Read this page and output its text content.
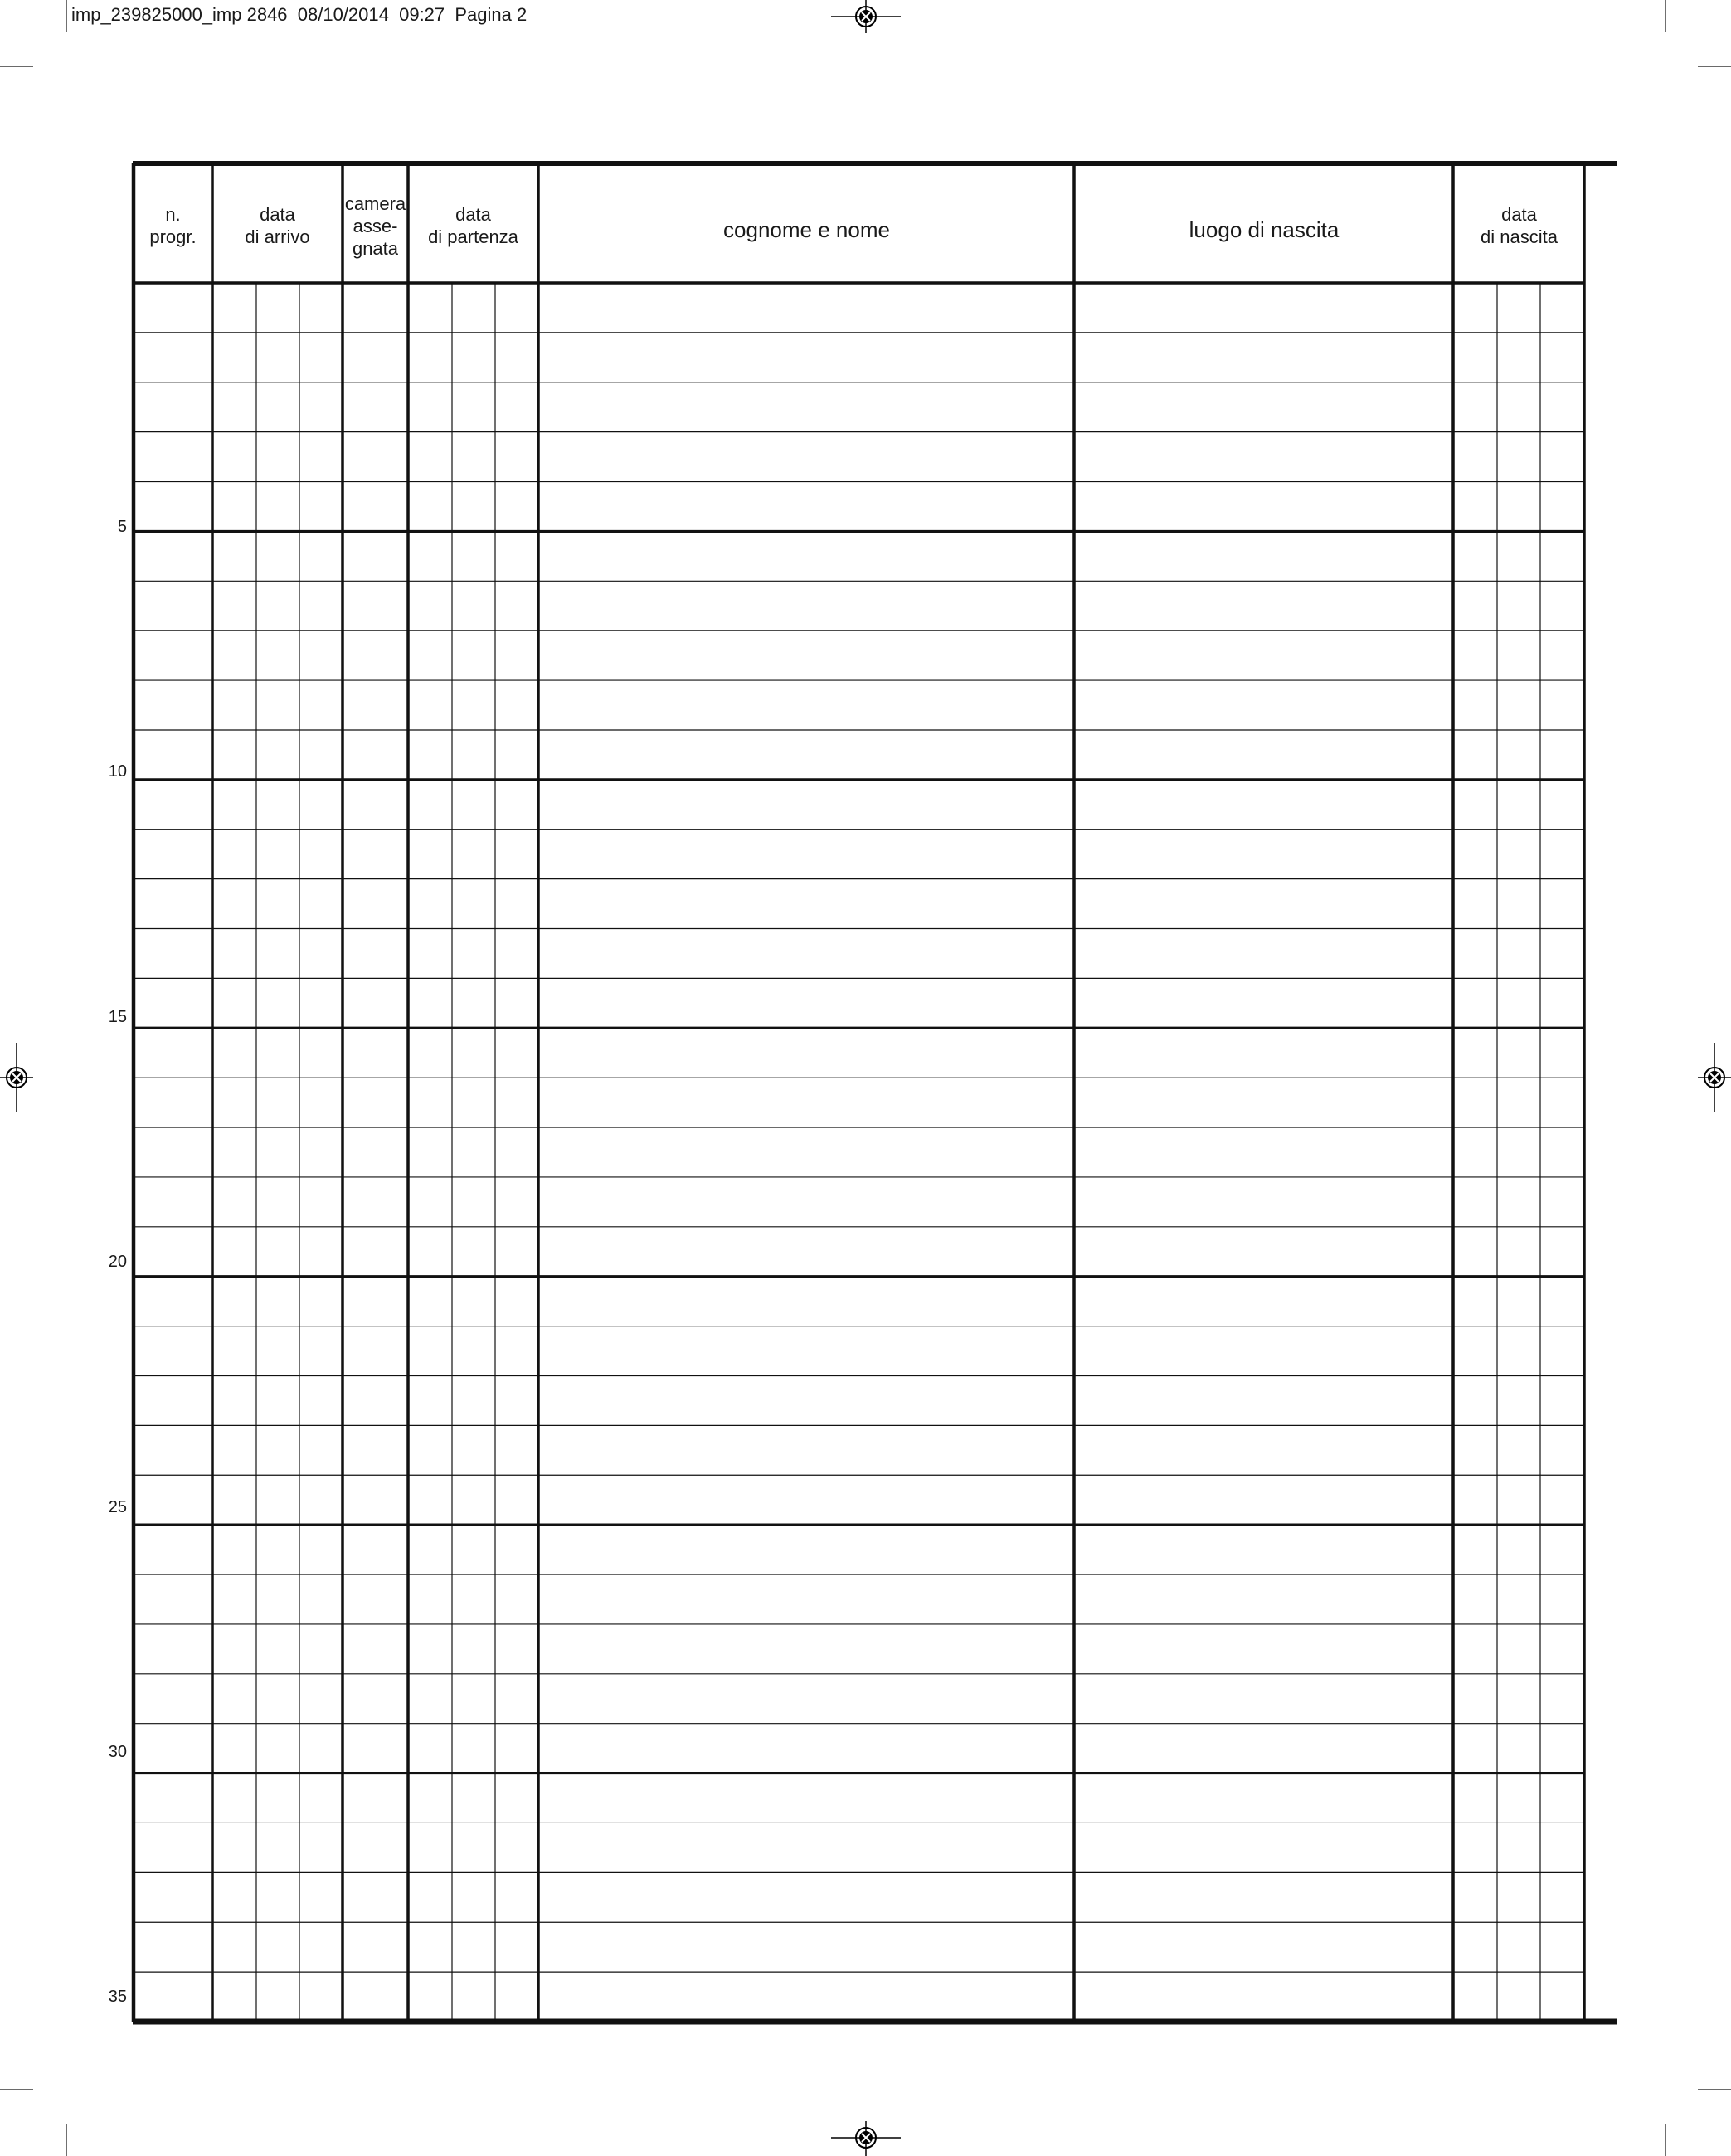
imp_239825000_imp 2846  08/10/2014  09:27  Pagina 2
n.
progr.
data
di arrivo
camera
asse-
gnata
data
di partenza	cognome e nome	luogo di nascita
data
di nascita
5
10
15
20
25
30
35
